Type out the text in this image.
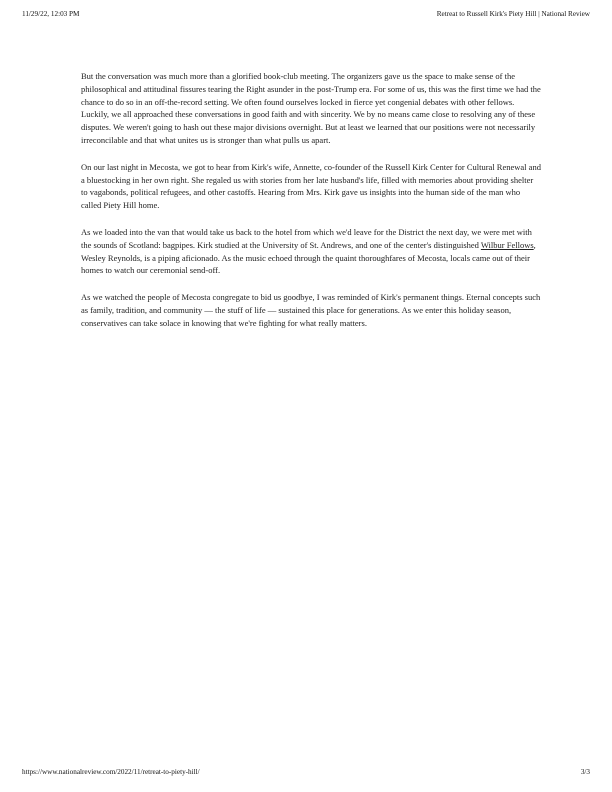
11/29/22, 12:03 PM	Retreat to Russell Kirk's Piety Hill | National Review

But the conversation was much more than a glorified book-club meeting. The organizers gave us the space to make sense of the philosophical and attitudinal fissures tearing the Right asunder in the post-Trump era. For some of us, this was the first time we had the chance to do so in an off-the-record setting. We often found ourselves locked in fierce yet congenial debates with other fellows. Luckily, we all approached these conversations in good faith and with sincerity. We by no means came close to resolving any of these disputes. We weren't going to hash out these major divisions overnight. But at least we learned that our positions were not necessarily irreconcilable and that what unites us is stronger than what pulls us apart.

On our last night in Mecosta, we got to hear from Kirk's wife, Annette, co-founder of the Russell Kirk Center for Cultural Renewal and a bluestocking in her own right. She regaled us with stories from her late husband's life, filled with memories about providing shelter to vagabonds, political refugees, and other castoffs. Hearing from Mrs. Kirk gave us insights into the human side of the man who called Piety Hill home.

As we loaded into the van that would take us back to the hotel from which we'd leave for the District the next day, we were met with the sounds of Scotland: bagpipes. Kirk studied at the University of St. Andrews, and one of the center's distinguished Wilbur Fellows, Wesley Reynolds, is a piping aficionado. As the music echoed through the quaint thoroughfares of Mecosta, locals came out of their homes to watch our ceremonial send-off.

As we watched the people of Mecosta congregate to bid us goodbye, I was reminded of Kirk's permanent things. Eternal concepts such as family, tradition, and community — the stuff of life — sustained this place for generations. As we enter this holiday season, conservatives can take solace in knowing that we're fighting for what really matters.

https://www.nationalreview.com/2022/11/retreat-to-piety-hill/	3/3
